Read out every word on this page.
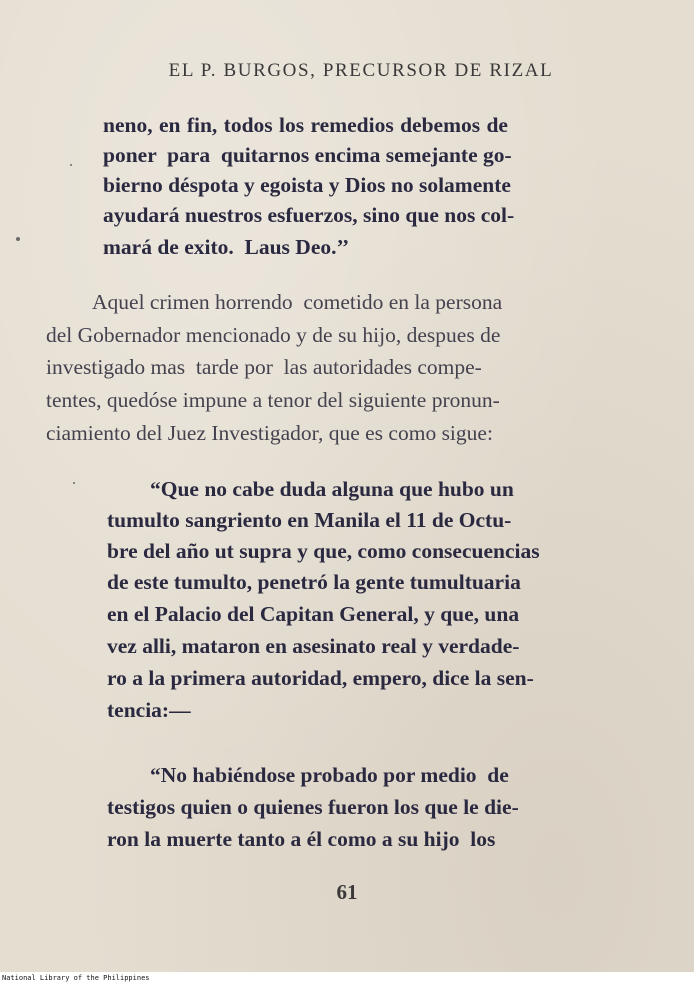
EL P. BURGOS, PRECURSOR DE RIZAL
neno, en fin, todos los remedios debemos de
poner  para  quitarnos encima semejante go-
bierno déspota y egoista y Dios no solamente
ayudará nuestros esfuerzos, sino que nos col-
mará de exito.  Laus Deo.’’
Aquel crimen horrendo  cometido en la persona
del Gobernador mencionado y de su hijo, despues de
investigado mas  tarde por  las autoridades compe-
tentes, quedóse impune a tenor del siguiente pronun-
ciamiento del Juez Investigador, que es como sigue:
“Que no cabe duda alguna que hubo un
tumulto sangriento en Manila el 11 de Octu-
bre del año ut supra y que, como consecuencias
de este tumulto, penetró la gente tumultuaria
en el Palacio del Capitan General, y que, una
vez alli, mataron en asesinato real y verdade-
ro a la primera autoridad, empero, dice la sen-
tencia:—
“No habiéndose probado por medio  de
testigos quien o quienes fueron los que le die-
ron la muerte tanto a él como a su hijo  los
61
National Library of the Philippines
